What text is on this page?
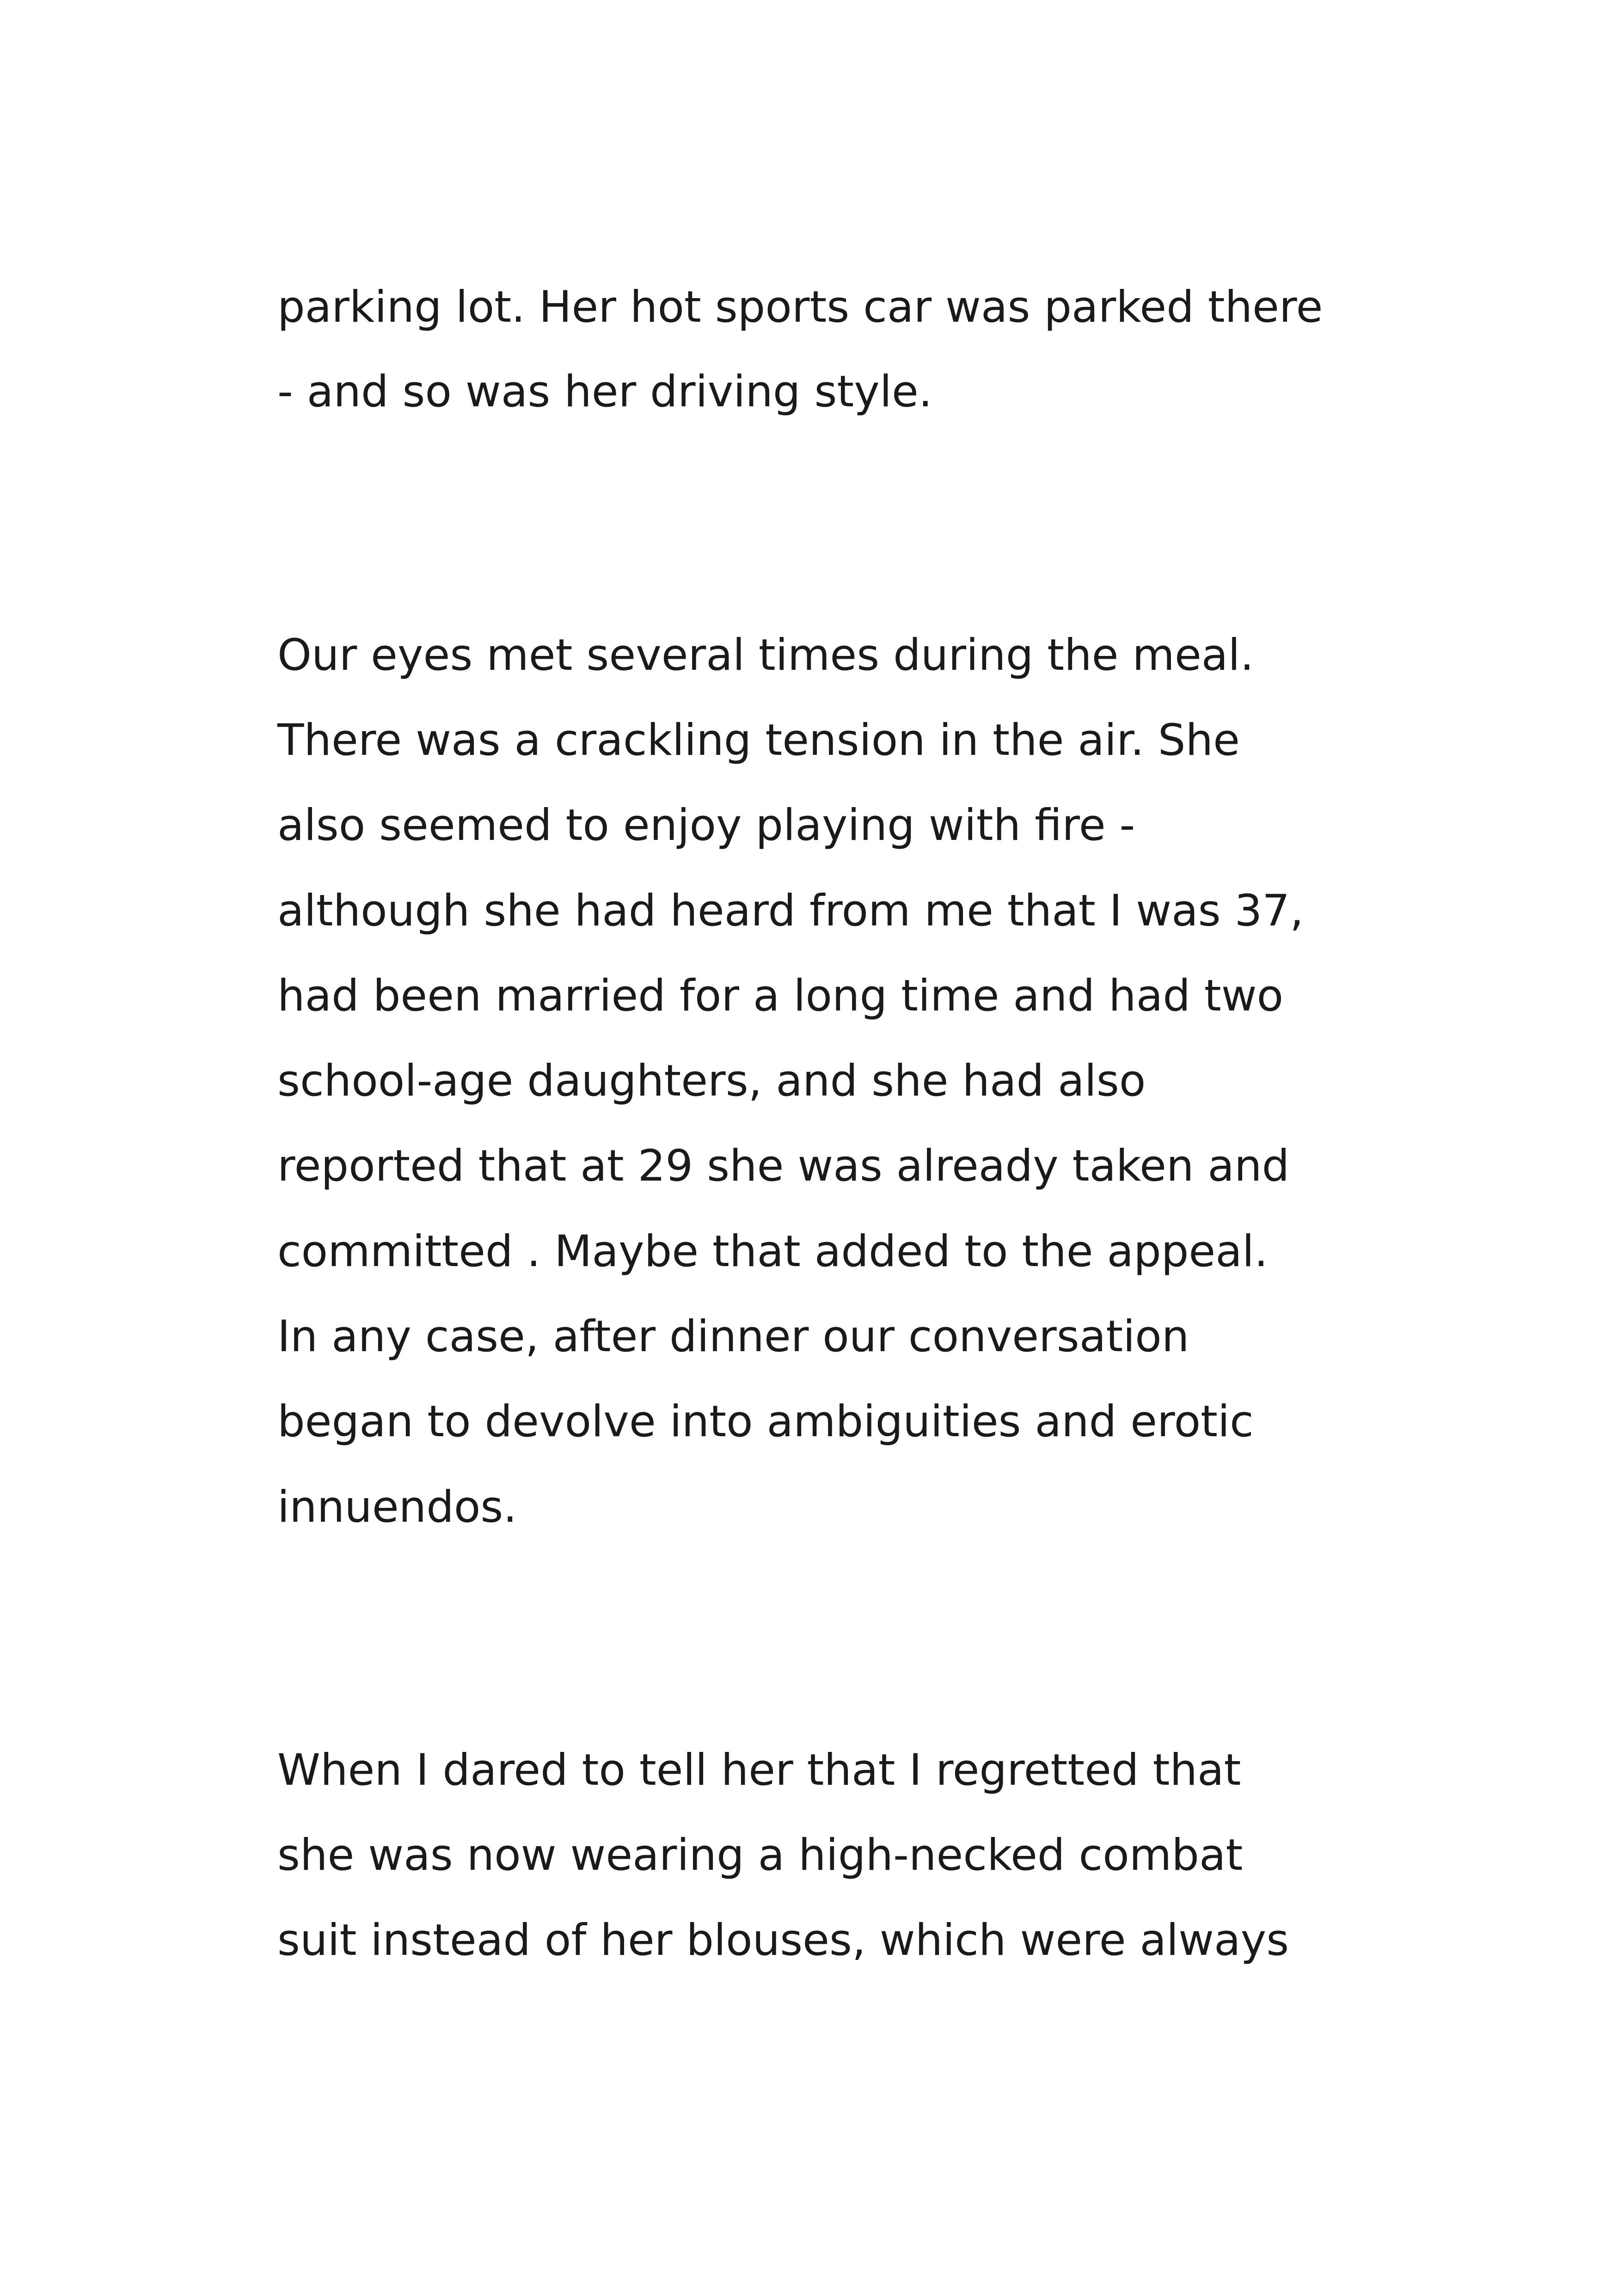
parking lot. Her hot sports car was parked there

- and so was her driving style.

Our eyes met several times during the meal.

There was a crackling tension in the air. She

also seemed to enjoy playing with fire -

although she had heard from me that I was 37,

had been married for a long time and had two

school-age daughters, and she had also

reported that at 29 she was already taken and

committed . Maybe that added to the appeal.

In any case, after dinner our conversation

began to devolve into ambiguities and erotic

innuendos.

When I dared to tell her that I regretted that

she was now wearing a high-necked combat

suit instead of her blouses, which were always
